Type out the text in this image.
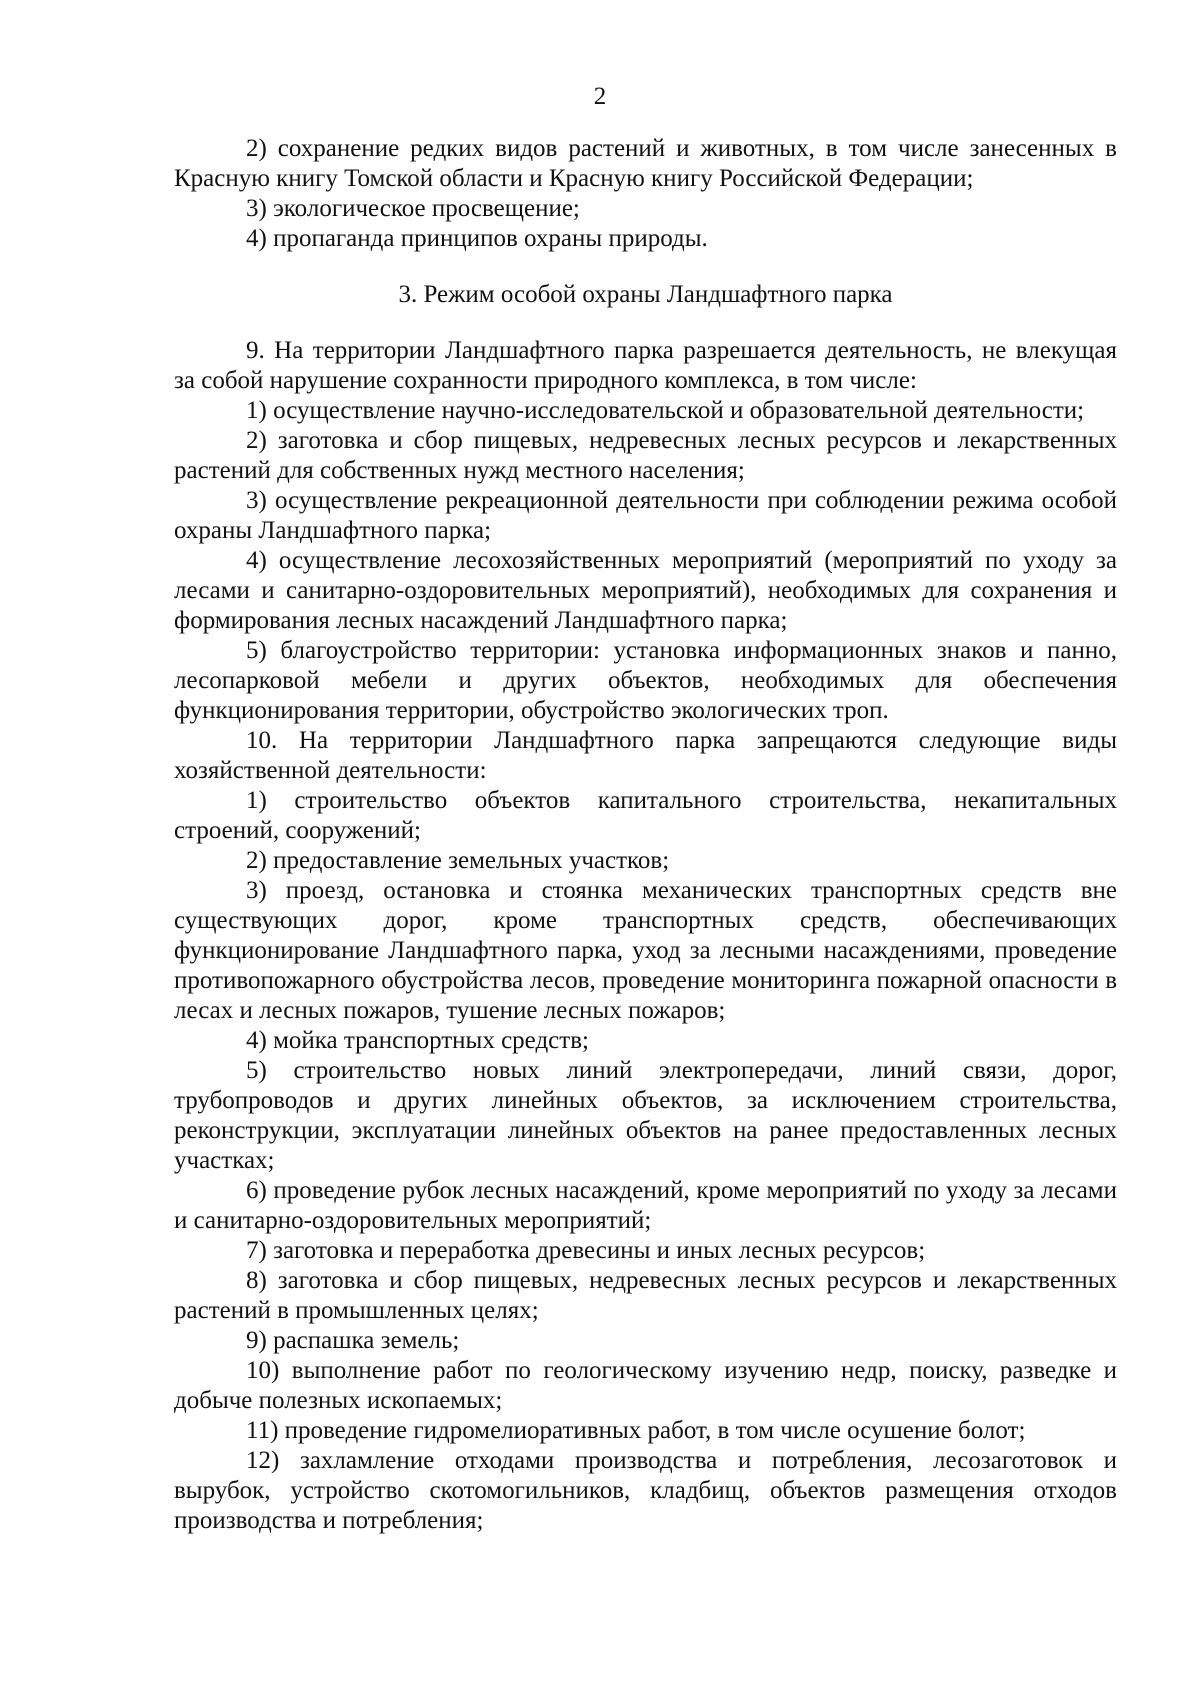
2

2) сохранение редких видов растений и животных, в том числе занесенных в Красную книгу Томской области и Красную книгу Российской Федерации;

3) экологическое просвещение;

4) пропаганда принципов охраны природы.

3. Режим особой охраны Ландшафтного парка

9. На территории Ландшафтного парка разрешается деятельность, не влекущая за собой нарушение сохранности природного комплекса, в том числе:

1) осуществление научно-исследовательской и образовательной деятельности;

2) заготовка и сбор пищевых, недревесных лесных ресурсов и лекарственных растений для собственных нужд местного населения;

3) осуществление рекреационной деятельности при соблюдении режима особой охраны Ландшафтного парка;

4) осуществление лесохозяйственных мероприятий (мероприятий по уходу за лесами и санитарно-оздоровительных мероприятий), необходимых для сохранения и формирования лесных насаждений Ландшафтного парка;

5) благоустройство территории: установка информационных знаков и панно, лесопарковой мебели и других объектов, необходимых для обеспечения функционирования территории, обустройство экологических троп.

10. На территории Ландшафтного парка запрещаются следующие виды хозяйственной деятельности:

1) строительство объектов капитального строительства, некапитальных строений, сооружений;

2) предоставление земельных участков;

3) проезд, остановка и стоянка механических транспортных средств вне существующих дорог, кроме транспортных средств, обеспечивающих функционирование Ландшафтного парка, уход за лесными насаждениями, проведение противопожарного обустройства лесов, проведение мониторинга пожарной опасности в лесах и лесных пожаров, тушение лесных пожаров;

4) мойка транспортных средств;

5) строительство новых линий электропередачи, линий связи, дорог, трубопроводов и других линейных объектов, за исключением строительства, реконструкции, эксплуатации линейных объектов на ранее предоставленных лесных участках;

6) проведение рубок лесных насаждений, кроме мероприятий по уходу за лесами и санитарно-оздоровительных мероприятий;

7) заготовка и переработка древесины и иных лесных ресурсов;

8) заготовка и сбор пищевых, недревесных лесных ресурсов и лекарственных растений в промышленных целях;

9) распашка земель;

10) выполнение работ по геологическому изучению недр, поиску, разведке и добыче полезных ископаемых;

11) проведение гидромелиоративных работ, в том числе осушение болот;

12) захламление отходами производства и потребления, лесозаготовок и вырубок, устройство скотомогильников, кладбищ, объектов размещения отходов производства и потребления;
